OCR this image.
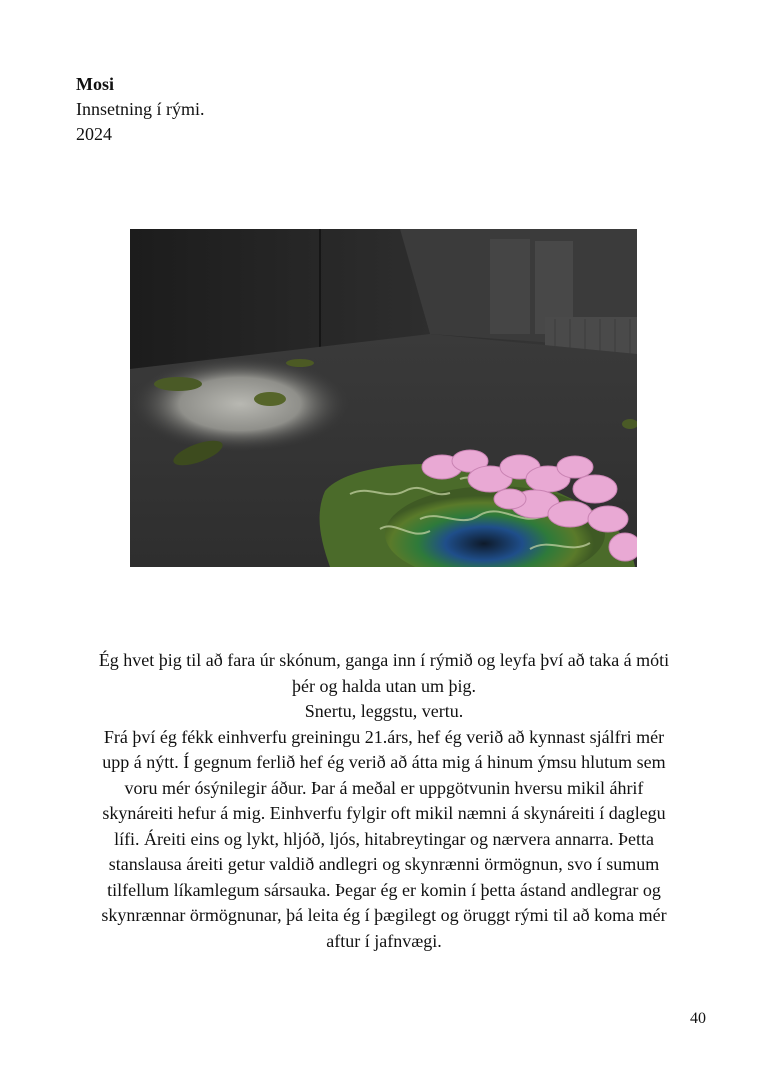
Mosi
Innsetning í rými.
2024

Ég hvet þig til að fara úr skónum, ganga inn í rýmið og leyfa því að taka á móti

þér og halda utan um þig.

Snertu, leggstu, vertu.

Frá því ég fékk einhverfu greiningu 21.árs, hef ég verið að kynnast sjálfri mér

upp á nýtt. Í gegnum ferlið hef ég verið að átta mig á hinum ýmsu hlutum sem

voru mér ósýnilegir áður. Þar á meðal er uppgötvunin hversu mikil áhrif

skynáreiti hefur á mig. Einhverfu fylgir oft mikil næmni á skynáreiti í daglegu

lífi. Áreiti eins og lykt, hljóð, ljós, hitabreytingar og nærvera annarra. Þetta

stanslausa áreiti getur valdið andlegri og skynrænni örmögnun, svo í sumum

tilfellum líkamlegum sársauka. Þegar ég er komin í þetta ástand andlegrar og

skynrænnar örmögnunar, þá leita ég í þægilegt og öruggt rými til að koma mér

aftur í jafnvægi.

40
